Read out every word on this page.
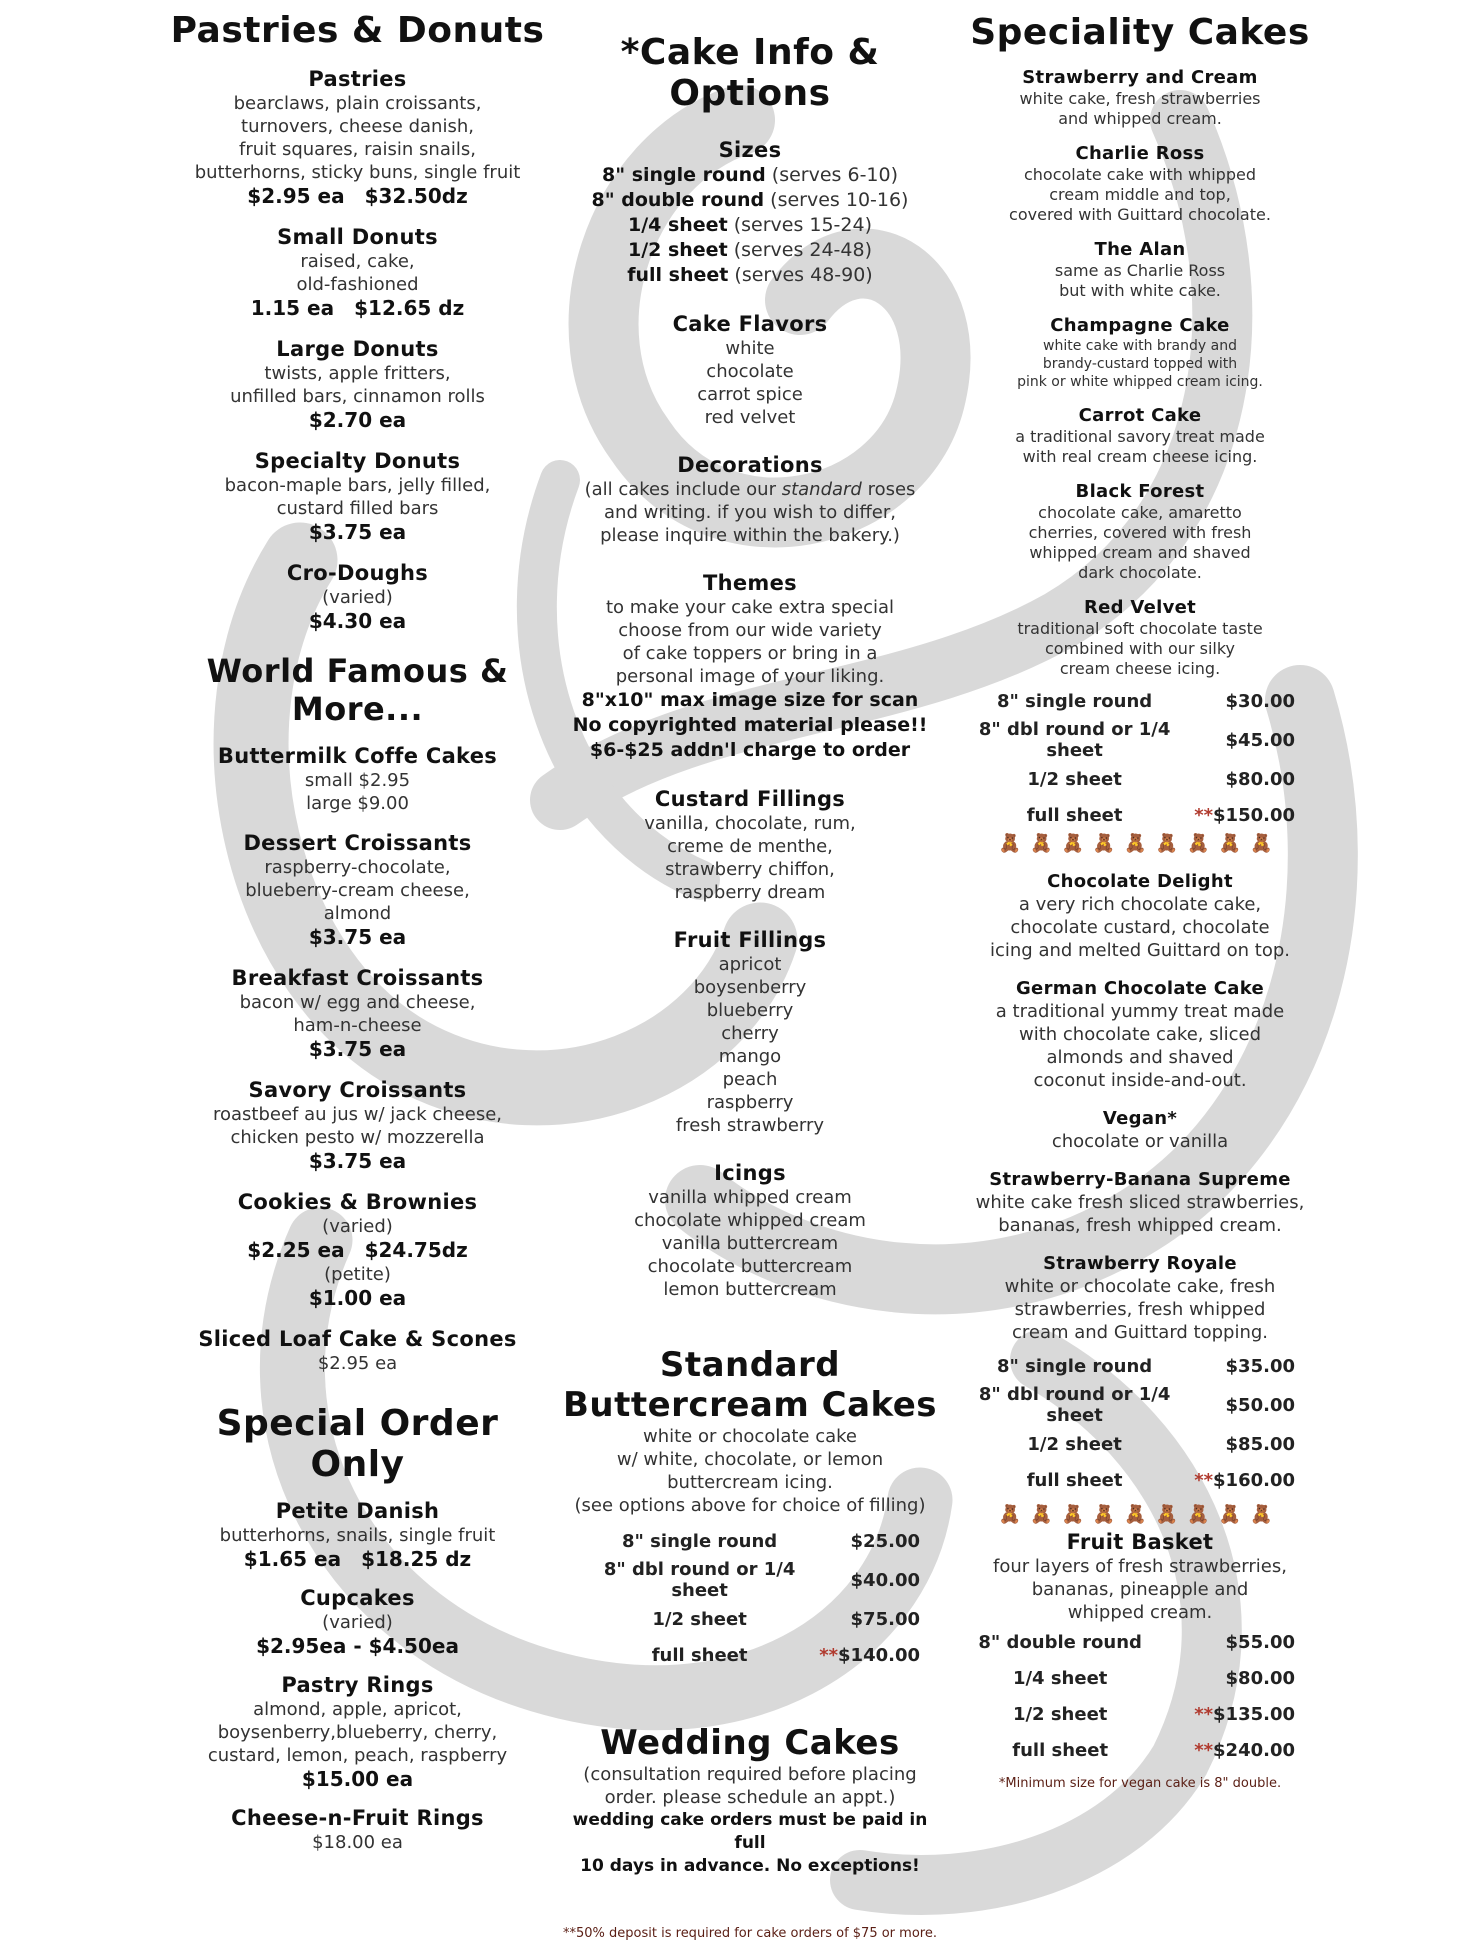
Pastries & Donuts
Pastries
bearclaws, plain croissants,
turnovers, cheese danish,
fruit squares, raisin snails,
butterhorns, sticky buns, single fruit
$2.95 ea $32.50dz
Small Donuts
raised, cake,
old-fashioned
1.15 ea $12.65 dz
Large Donuts
twists, apple fritters,
unfilled bars, cinnamon rolls
$2.70 ea
Specialty Donuts
bacon-maple bars, jelly filled,
custard filled bars
$3.75 ea
Cro-Doughs
(varied)
$4.30 ea
World Famous & More...
Buttermilk Coffe Cakes
small $2.95
large $9.00
Dessert Croissants
raspberry-chocolate,
blueberry-cream cheese,
almond
$3.75 ea
Breakfast Croissants
bacon w/ egg and cheese,
ham-n-cheese
$3.75 ea
Savory Croissants
roastbeef au jus w/ jack cheese,
chicken pesto w/ mozzerella
$3.75 ea
Cookies & Brownies
(varied)
$2.25 ea $24.75dz
(petite)
$1.00 ea
Sliced Loaf Cake & Scones
$2.95 ea
Special Order Only
Petite Danish
butterhorns, snails, single fruit
$1.65 ea $18.25 dz
Cupcakes
(varied)
$2.95ea - $4.50ea
Pastry Rings
almond, apple, apricot,
boysenberry,blueberry, cherry,
custard, lemon, peach, raspberry
$15.00 ea
Cheese-n-Fruit Rings
$18.00 ea
*Cake Info & Options
Sizes
8" single round (serves 6-10)
8" double round (serves 10-16)
1/4 sheet (serves 15-24)
1/2 sheet (serves 24-48)
full sheet (serves 48-90)
Cake Flavors
white
chocolate
carrot spice
red velvet
Decorations
(all cakes include our standard roses
and writing. if you wish to differ,
please inquire within the bakery.)
Themes
to make your cake extra special
choose from our wide variety
of cake toppers or bring in a
personal image of your liking.
8"x10" max image size for scan
No copyrighted material please!!
$6-$25 addn'l charge to order
Custard Fillings
vanilla, chocolate, rum,
creme de menthe,
strawberry chiffon,
raspberry dream
Fruit Fillings
apricot
boysenberry
blueberry
cherry
mango
peach
raspberry
fresh strawberry
Icings
vanilla whipped cream
chocolate whipped cream
vanilla buttercream
chocolate buttercream
lemon buttercream
Standard
Buttercream Cakes
white or chocolate cake
w/ white, chocolate, or lemon
buttercream icing.
(see options above for choice of filling)
8" single round	$25.00
8" dbl round or 1/4 sheet	$40.00
1/2 sheet	$75.00
full sheet	**$140.00
Wedding Cakes
(consultation required before placing
order. please schedule an appt.)
wedding cake orders must be paid in full
10 days in advance. No exceptions!
**50% deposit is required for cake orders of $75 or more.
Speciality Cakes
Strawberry and Cream
white cake, fresh strawberries
and whipped cream.
Charlie Ross
chocolate cake with whipped
cream middle and top,
covered with Guittard chocolate.
The Alan
same as Charlie Ross
but with white cake.
Champagne Cake
white cake with brandy and
brandy-custard topped with
pink or white whipped cream icing.
Carrot Cake
a traditional savory treat made
with real cream cheese icing.
Black Forest
chocolate cake, amaretto
cherries, covered with fresh
whipped cream and shaved
dark chocolate.
Red Velvet
traditional soft chocolate taste
combined with our silky
cream cheese icing.
8" single round	$30.00
8" dbl round or 1/4 sheet	$45.00
1/2 sheet	$80.00
full sheet	**$150.00
🧸🧸🧸🧸🧸🧸🧸🧸🧸
Chocolate Delight
a very rich chocolate cake,
chocolate custard, chocolate
icing and melted Guittard on top.
German Chocolate Cake
a traditional yummy treat made
with chocolate cake, sliced
almonds and shaved
coconut inside-and-out.
Vegan*
chocolate or vanilla
Strawberry-Banana Supreme
white cake fresh sliced strawberries,
bananas, fresh whipped cream.
Strawberry Royale
white or chocolate cake, fresh
strawberries, fresh whipped
cream and Guittard topping.
8" single round	$35.00
8" dbl round or 1/4 sheet	$50.00
1/2 sheet	$85.00
full sheet	**$160.00
🧸🧸🧸🧸🧸🧸🧸🧸🧸
Fruit Basket
four layers of fresh strawberries,
bananas, pineapple and
whipped cream.
8" double round	$55.00
1/4 sheet	$80.00
1/2 sheet	**$135.00
full sheet	**$240.00
*Minimum size for vegan cake is 8" double.
